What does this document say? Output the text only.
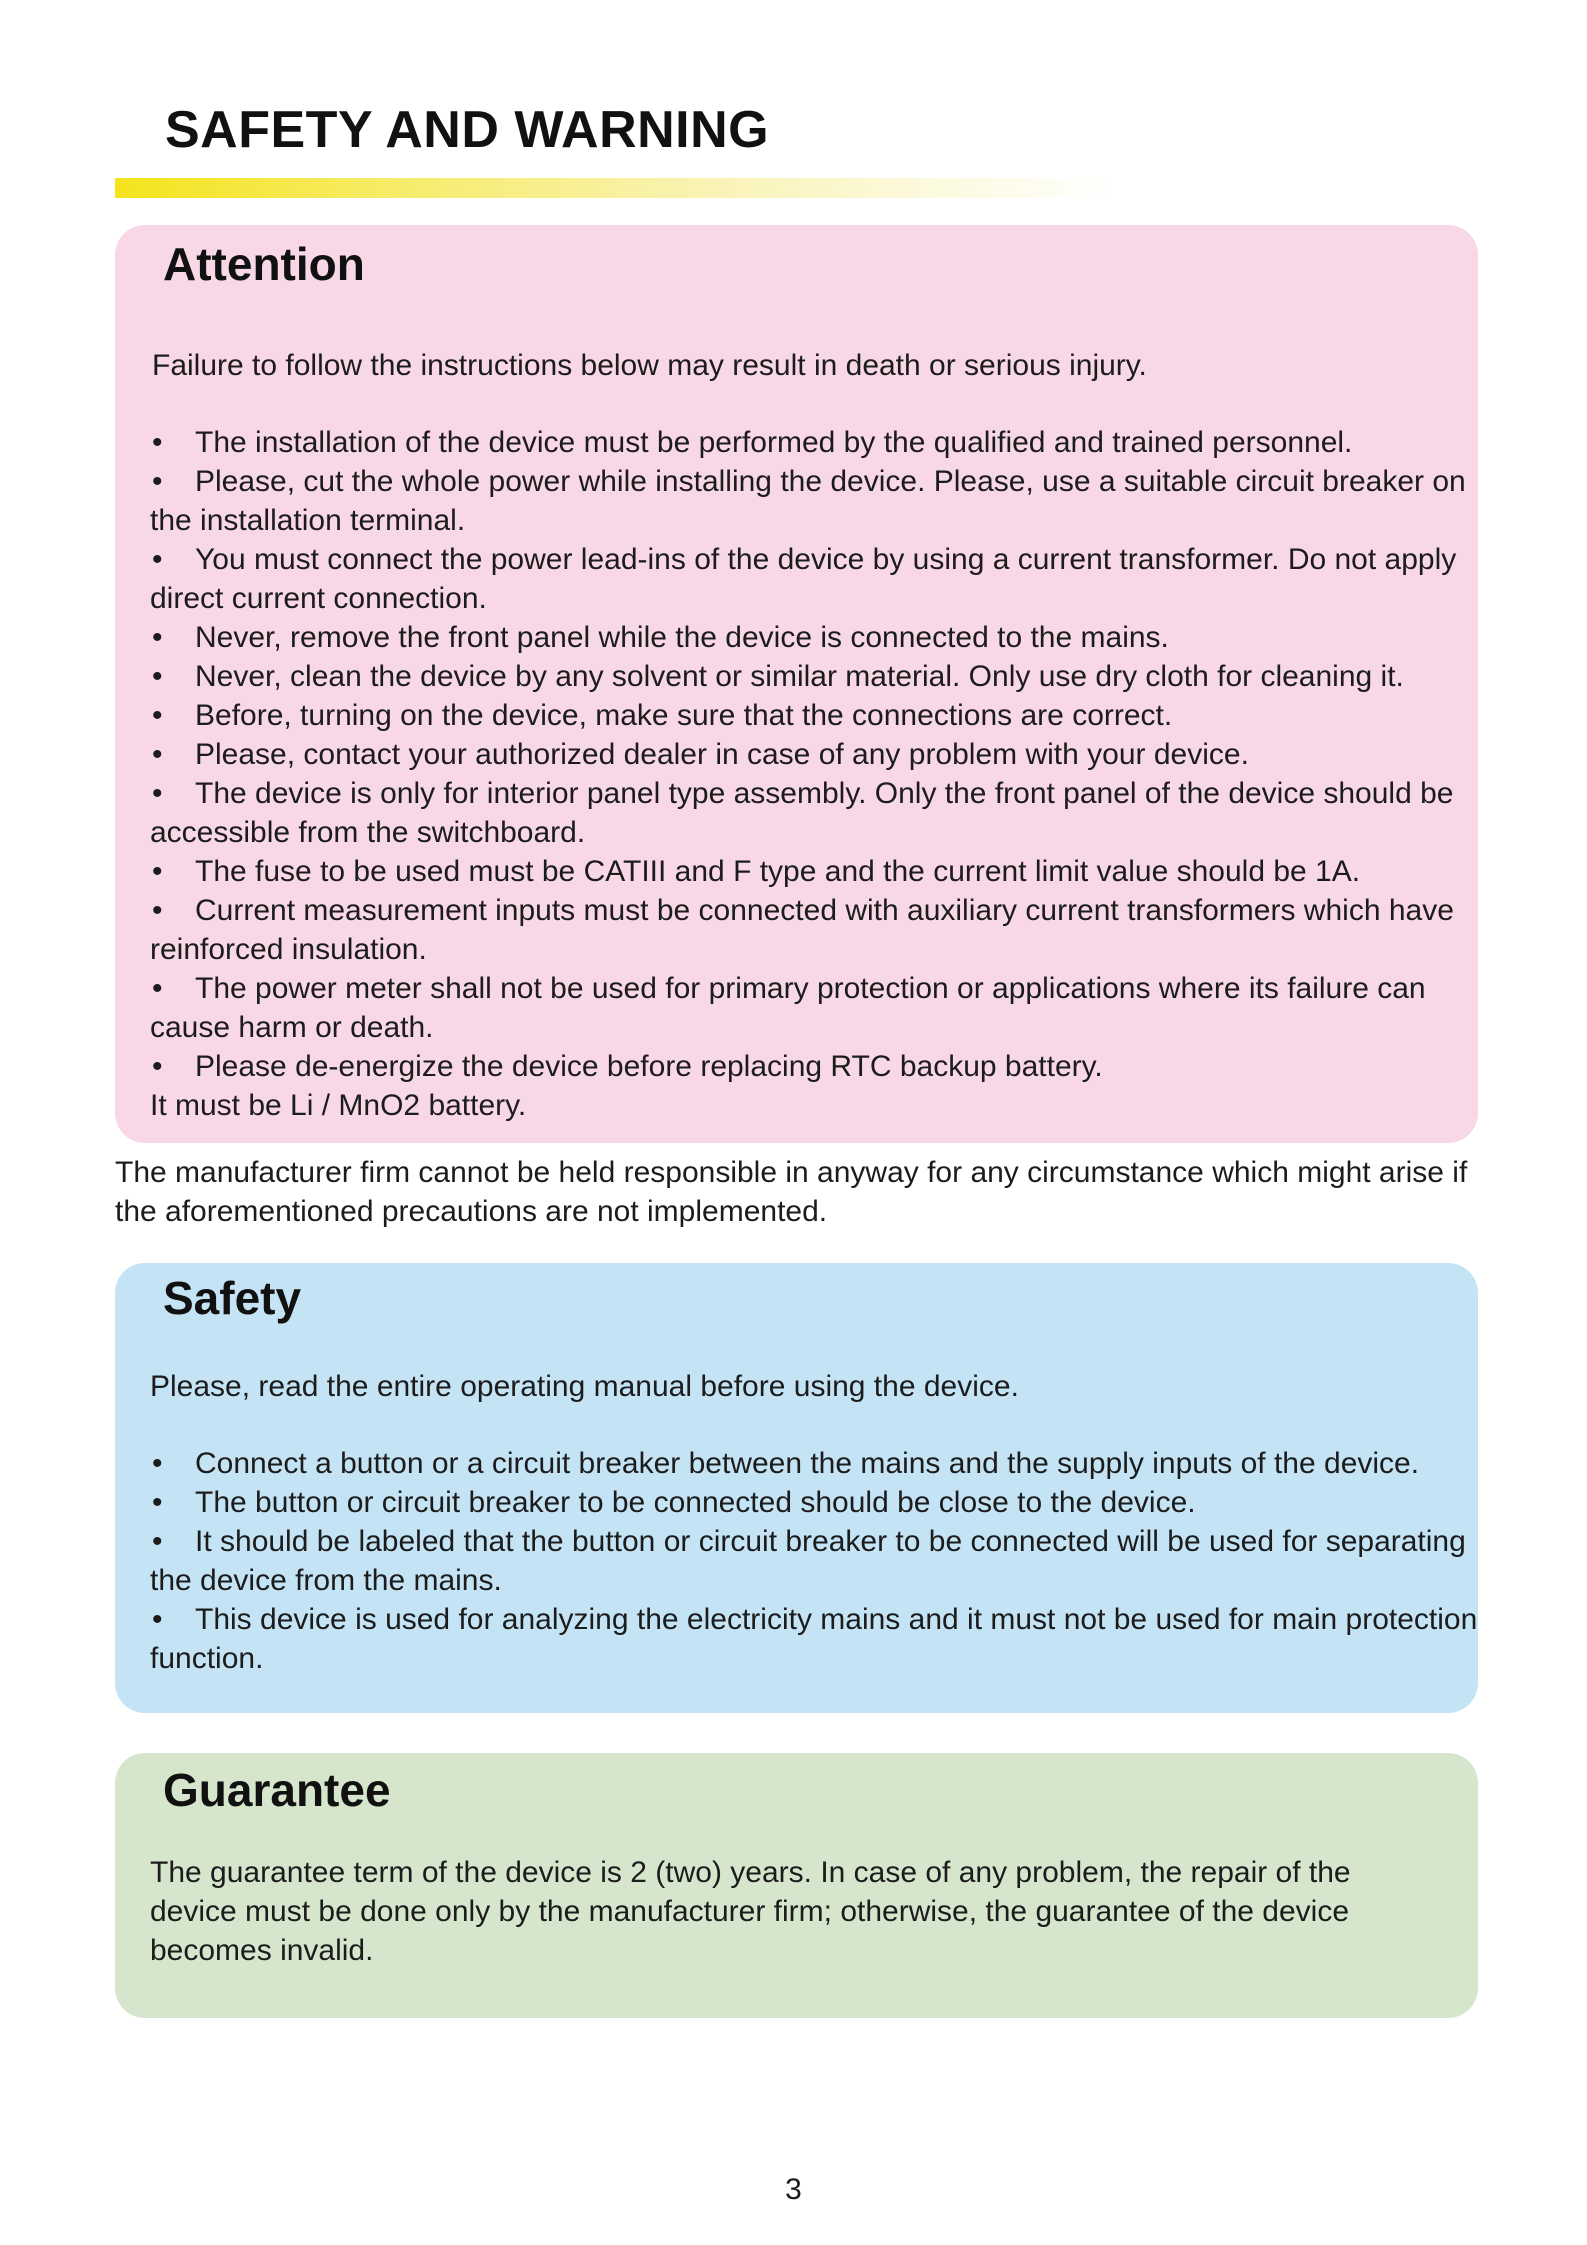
SAFETY AND WARNING
Attention
Failure to follow the instructions below may result in death or serious injury.
• The installation of the device must be performed by the qualified and trained personnel.
• Please, cut the whole power while installing the device. Please, use a suitable circuit breaker on the installation terminal.
• You must connect the power lead-ins of the device by using a current transformer. Do not apply direct current connection.
• Never, remove the front panel while the device is connected to the mains.
• Never, clean the device by any solvent or similar material. Only use dry cloth for cleaning it.
• Before, turning on the device, make sure that the connections are correct.
• Please, contact your authorized dealer in case of any problem with your device.
• The device is only for interior panel type assembly. Only the front panel of the device should be accessible from the switchboard.
• The fuse to be used must be CATIII and F type and the current limit value should be 1A.
• Current measurement inputs must be connected with auxiliary current transformers which have reinforced insulation.
• The power meter shall not be used for primary protection or applications where its failure can cause harm or death.
• Please de-energize the device before replacing RTC backup battery.
It must be Li / MnO2 battery.

The manufacturer firm cannot be held responsible in anyway for any circumstance which might arise if the aforementioned precautions are not implemented.

Safety
Please, read the entire operating manual before using the device.
• Connect a button or a circuit breaker between the mains and the supply inputs of the device.
• The button or circuit breaker to be connected should be close to the device.
• It should be labeled that the button or circuit breaker to be connected will be used for separating the device from the mains.
• This device is used for analyzing the electricity mains and it must not be used for main protection function.
Guarantee
The guarantee term of the device is 2 (two) years. In case of any problem, the repair of the device must be done only by the manufacturer firm; otherwise, the guarantee of the device becomes invalid.
3
